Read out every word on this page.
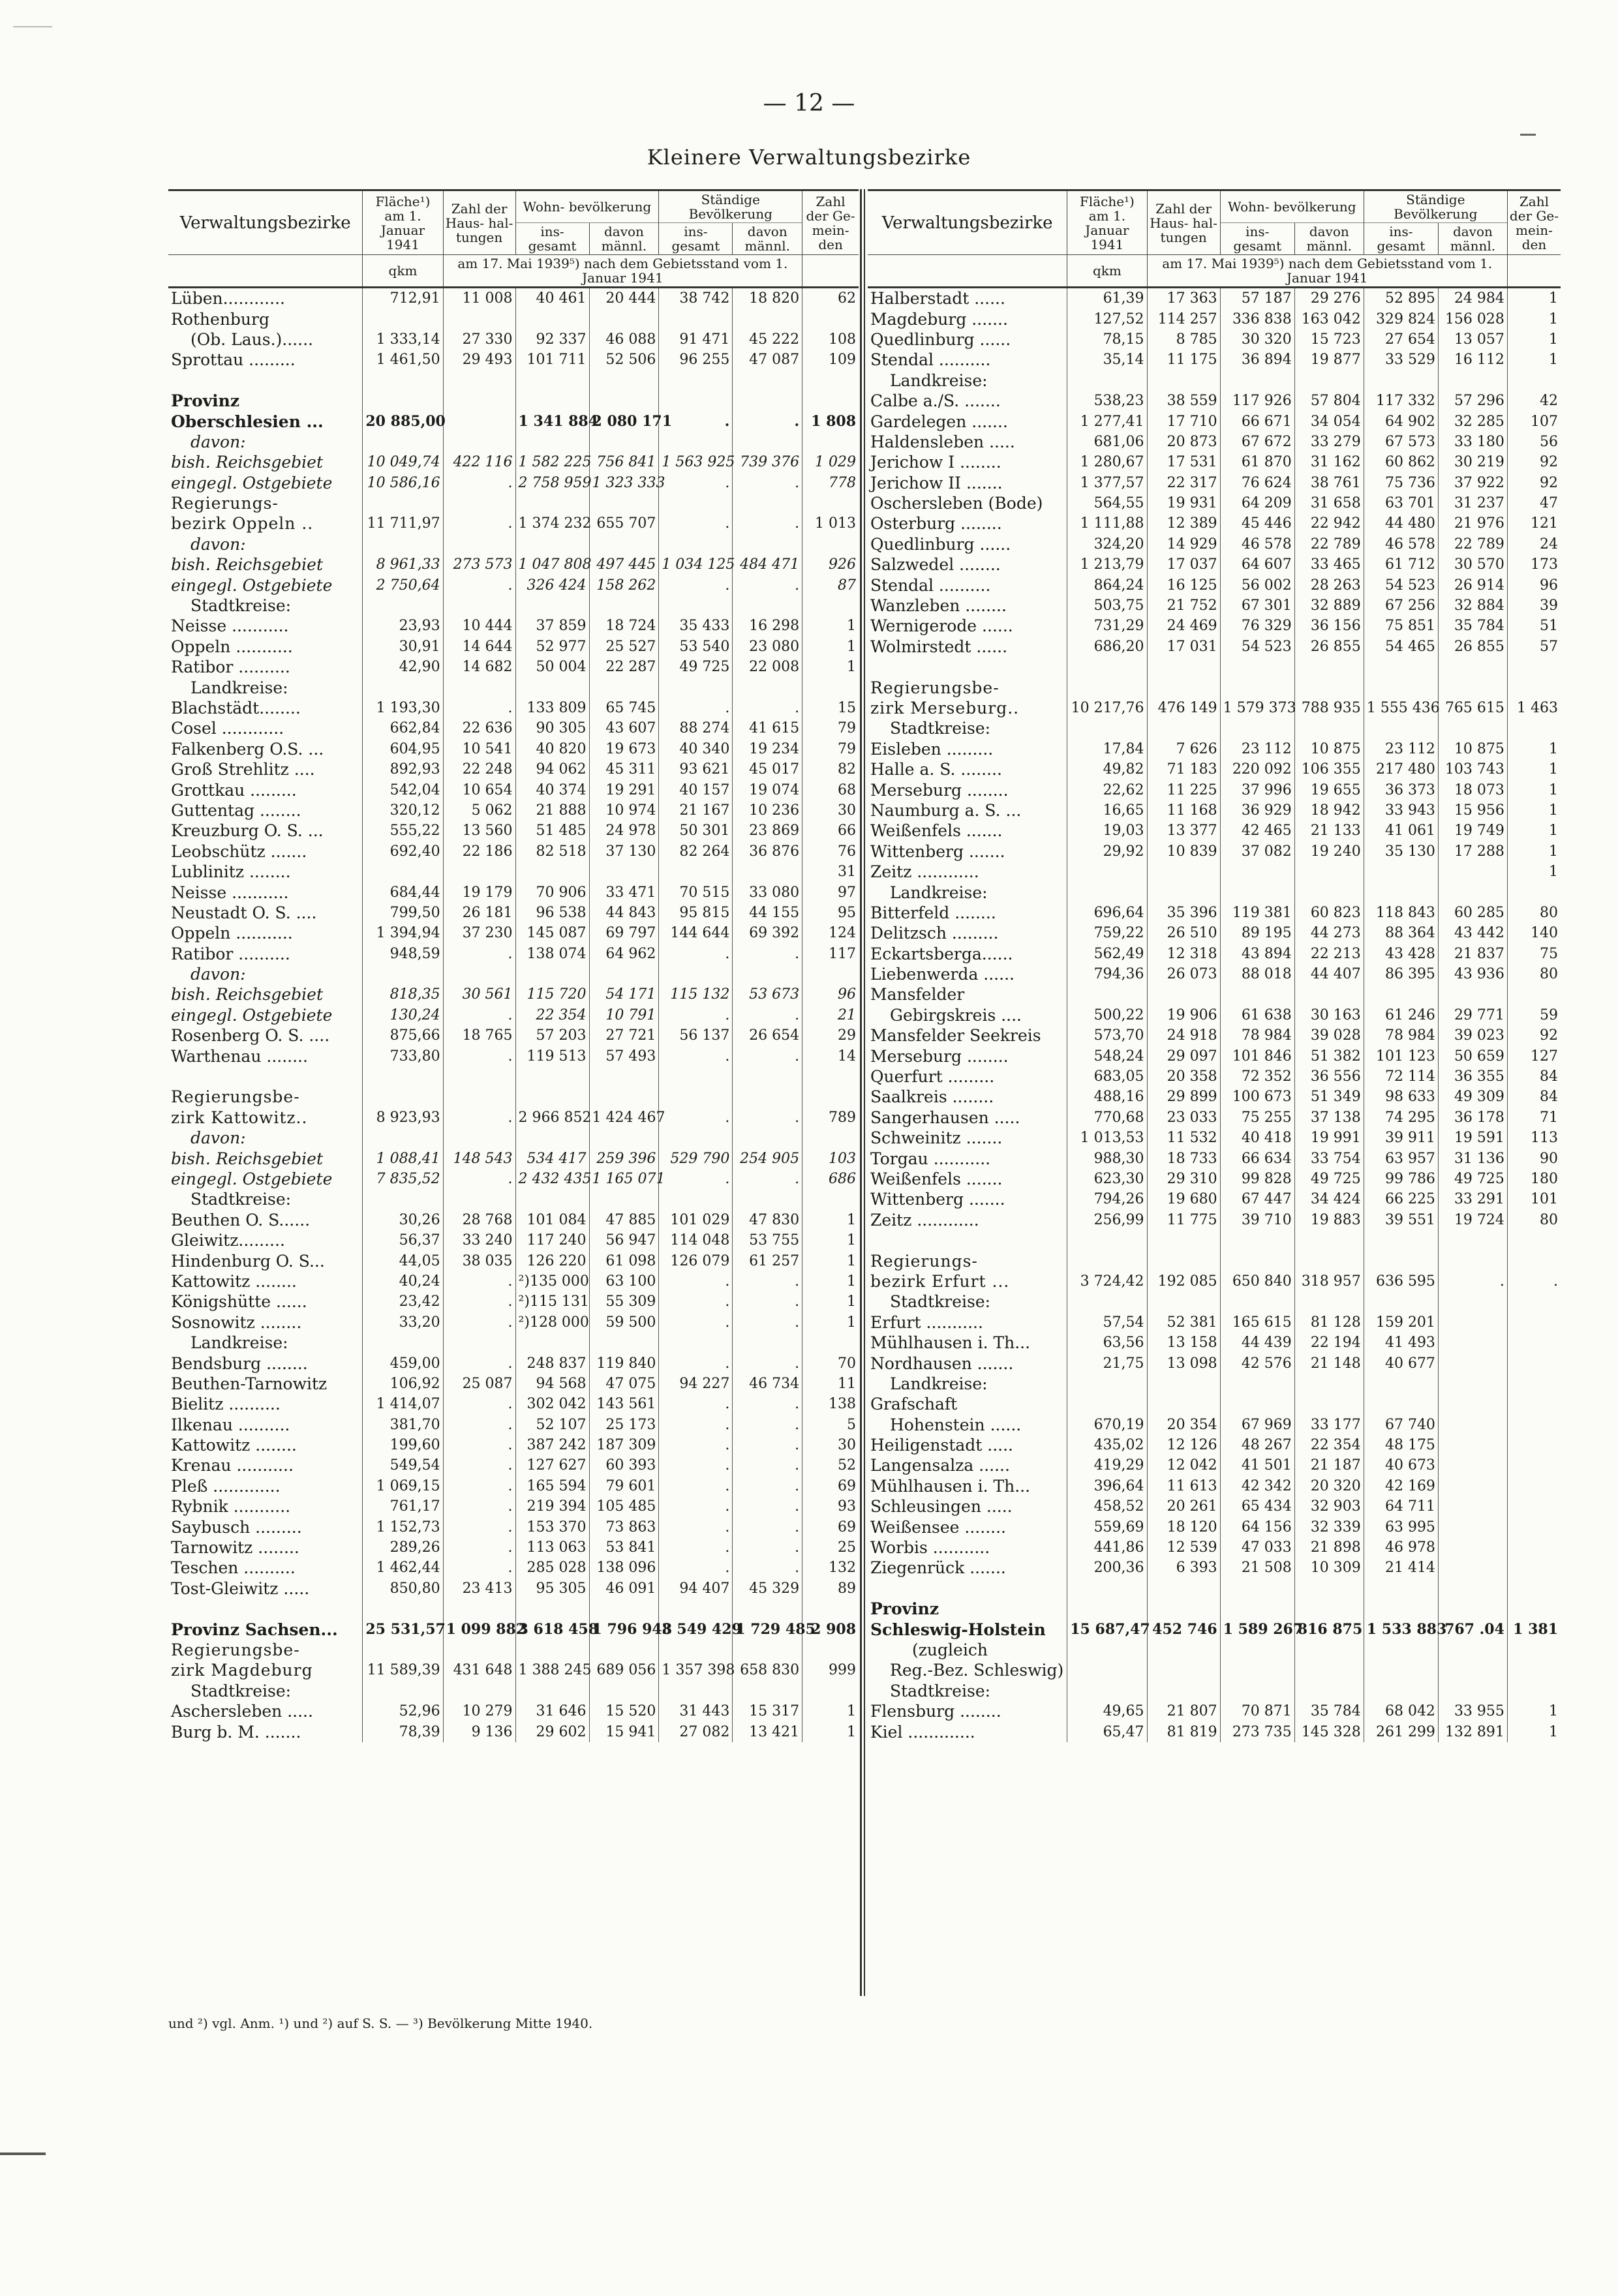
— 12 —
Kleinere Verwaltungsbezirke
Verwaltungsbezirke	Fläche¹) am 1. Januar 1941	Zahl der Haus- hal- tungen	Wohn- bevölkerung		Ständige Bevölkerung		Zahl der Ge- mein- den
			ins- gesamt	davon männl.	ins- gesamt	davon männl.	
	qkm	am 17. Mai 1939⁵) nach dem Gebietsstand vom 1. Januar 1941					
Lüben............	712,91	11 008	40 461	20 444	38 742	18 820	62
Rothenburg							
(Ob. Laus.)......	1 333,14	27 330	92 337	46 088	91 471	45 222	108
Sprottau .........	1 461,50	29 493	101 711	52 506	96 255	47 087	109

Provinz							
Oberschlesien ...	20 885,00		1 341 884	2 080 171	.	.	1 808
davon:							
bish. Reichsgebiet	10 049,74	422 116	1 582 225	756 841	1 563 925	739 376	1 029
eingegl. Ostgebiete	10 586,16	.	2 758 959	1 323 333	.	.	778
Regierungs-							
bezirk Oppeln ..	11 711,97	.	1 374 232	655 707	.	.	1 013
davon:							
bish. Reichsgebiet	8 961,33	273 573	1 047 808	497 445	1 034 125	484 471	926
eingegl. Ostgebiete	2 750,64	.	326 424	158 262	.	.	87
Stadtkreise:							
Neisse ...........	23,93	10 444	37 859	18 724	35 433	16 298	1
Oppeln ...........	30,91	14 644	52 977	25 527	53 540	23 080	1
Ratibor ..........	42,90	14 682	50 004	22 287	49 725	22 008	1
Landkreise:							
Blachstädt........	1 193,30	.	133 809	65 745	.	.	15
Cosel ............	662,84	22 636	90 305	43 607	88 274	41 615	79
Falkenberg O.S. ...	604,95	10 541	40 820	19 673	40 340	19 234	79
Groß Strehlitz ....	892,93	22 248	94 062	45 311	93 621	45 017	82
Grottkau .........	542,04	10 654	40 374	19 291	40 157	19 074	68
Guttentag ........	320,12	5 062	21 888	10 974	21 167	10 236	30
Kreuzburg O. S. ...	555,22	13 560	51 485	24 978	50 301	23 869	66
Leobschütz .......	692,40	22 186	82 518	37 130	82 264	36 876	76
Lublinitz ........							31
Neisse ...........	684,44	19 179	70 906	33 471	70 515	33 080	97
Neustadt O. S. ....	799,50	26 181	96 538	44 843	95 815	44 155	95
Oppeln ...........	1 394,94	37 230	145 087	69 797	144 644	69 392	124
Ratibor ..........	948,59	.	138 074	64 962	.	.	117
davon:							
bish. Reichsgebiet	818,35	30 561	115 720	54 171	115 132	53 673	96
eingegl. Ostgebiete	130,24	.	22 354	10 791	.	.	21
Rosenberg O. S. ....	875,66	18 765	57 203	27 721	56 137	26 654	29
Warthenau ........	733,80	.	119 513	57 493	.	.	14

Regierungsbe-							
zirk Kattowitz..	8 923,93	.	2 966 852	1 424 467	.	.	789
davon:							
bish. Reichsgebiet	1 088,41	148 543	534 417	259 396	529 790	254 905	103
eingegl. Ostgebiete	7 835,52	.	2 432 435	1 165 071	.	.	686
Stadtkreise:							
Beuthen O. S......	30,26	28 768	101 084	47 885	101 029	47 830	1
Gleiwitz.........	56,37	33 240	117 240	56 947	114 048	53 755	1
Hindenburg O. S...	44,05	38 035	126 220	61 098	126 079	61 257	1
Kattowitz ........	40,24	.	²)135 000	63 100	.	.	1
Königshütte ......	23,42	.	²)115 131	55 309	.	.	1
Sosnowitz ........	33,20	.	²)128 000	59 500	.	.	1
Landkreise:							
Bendsburg ........	459,00	.	248 837	119 840	.	.	70
Beuthen-Tarnowitz	106,92	25 087	94 568	47 075	94 227	46 734	11
Bielitz ..........	1 414,07	.	302 042	143 561	.	.	138
Ilkenau ..........	381,70	.	52 107	25 173	.	.	5
Kattowitz ........	199,60	.	387 242	187 309	.	.	30
Krenau ...........	549,54	.	127 627	60 393	.	.	52
Pleß .............	1 069,15	.	165 594	79 601	.	.	69
Rybnik ...........	761,17	.	219 394	105 485	.	.	93
Saybusch .........	1 152,73	.	153 370	73 863	.	.	69
Tarnowitz ........	289,26	.	113 063	53 841	.	.	25
Teschen ..........	1 462,44	.	285 028	138 096	.	.	132
Tost-Gleiwitz .....	850,80	23 413	95 305	46 091	94 407	45 329	89

Provinz Sachsen...	25 531,57	1 099 882	3 618 458	1 796 948	3 549 429	1 729 485	2 908
Regierungsbe-							
zirk Magdeburg	11 589,39	431 648	1 388 245	689 056	1 357 398	658 830	999
Stadtkreise:							
Aschersleben .....	52,96	10 279	31 646	15 520	31 443	15 317	1
Burg b. M. .......	78,39	9 136	29 602	15 941	27 082	13 421	1
Verwaltungsbezirke	Fläche¹) am 1. Januar 1941	Zahl der Haus- hal- tungen	Wohn- bevölkerung		Ständige Bevölkerung		Zahl der Ge- mein- den
			ins- gesamt	davon männl.	ins- gesamt	davon männl.	
	qkm	am 17. Mai 1939⁵) nach dem Gebietsstand vom 1. Januar 1941					
Halberstadt ......	61,39	17 363	57 187	29 276	52 895	24 984	1
Magdeburg .......	127,52	114 257	336 838	163 042	329 824	156 028	1
Quedlinburg ......	78,15	8 785	30 320	15 723	27 654	13 057	1
Stendal ..........	35,14	11 175	36 894	19 877	33 529	16 112	1
Landkreise:							
Calbe a./S. .......	538,23	38 559	117 926	57 804	117 332	57 296	42
Gardelegen .......	1 277,41	17 710	66 671	34 054	64 902	32 285	107
Haldensleben .....	681,06	20 873	67 672	33 279	67 573	33 180	56
Jerichow I ........	1 280,67	17 531	61 870	31 162	60 862	30 219	92
Jerichow II .......	1 377,57	22 317	76 624	38 761	75 736	37 922	92
Oschersleben (Bode)	564,55	19 931	64 209	31 658	63 701	31 237	47
Osterburg ........	1 111,88	12 389	45 446	22 942	44 480	21 976	121
Quedlinburg ......	324,20	14 929	46 578	22 789	46 578	22 789	24
Salzwedel ........	1 213,79	17 037	64 607	33 465	61 712	30 570	173
Stendal ..........	864,24	16 125	56 002	28 263	54 523	26 914	96
Wanzleben ........	503,75	21 752	67 301	32 889	67 256	32 884	39
Wernigerode ......	731,29	24 469	76 329	36 156	75 851	35 784	51
Wolmirstedt ......	686,20	17 031	54 523	26 855	54 465	26 855	57

Regierungsbe-							
zirk Merseburg..	10 217,76	476 149	1 579 373	788 935	1 555 436	765 615	1 463
Stadtkreise:							
Eisleben .........	17,84	7 626	23 112	10 875	23 112	10 875	1
Halle a. S. ........	49,82	71 183	220 092	106 355	217 480	103 743	1
Merseburg ........	22,62	11 225	37 996	19 655	36 373	18 073	1
Naumburg a. S. ...	16,65	11 168	36 929	18 942	33 943	15 956	1
Weißenfels .......	19,03	13 377	42 465	21 133	41 061	19 749	1
Wittenberg .......	29,92	10 839	37 082	19 240	35 130	17 288	1
Zeitz ............							1
Landkreise:							
Bitterfeld ........	696,64	35 396	119 381	60 823	118 843	60 285	80
Delitzsch .........	759,22	26 510	89 195	44 273	88 364	43 442	140
Eckartsberga......	562,49	12 318	43 894	22 213	43 428	21 837	75
Liebenwerda ......	794,36	26 073	88 018	44 407	86 395	43 936	80
Mansfelder							
Gebirgskreis ....	500,22	19 906	61 638	30 163	61 246	29 771	59
Mansfelder Seekreis	573,70	24 918	78 984	39 028	78 984	39 023	92
Merseburg ........	548,24	29 097	101 846	51 382	101 123	50 659	127
Querfurt .........	683,05	20 358	72 352	36 556	72 114	36 355	84
Saalkreis ........	488,16	29 899	100 673	51 349	98 633	49 309	84
Sangerhausen .....	770,68	23 033	75 255	37 138	74 295	36 178	71
Schweinitz .......	1 013,53	11 532	40 418	19 991	39 911	19 591	113
Torgau ...........	988,30	18 733	66 634	33 754	63 957	31 136	90
Weißenfels .......	623,30	29 310	99 828	49 725	99 786	49 725	180
Wittenberg .......	794,26	19 680	67 447	34 424	66 225	33 291	101
Zeitz ............	256,99	11 775	39 710	19 883	39 551	19 724	80

Regierungs-							
bezirk Erfurt ...	3 724,42	192 085	650 840	318 957	636 595	.	.
Stadtkreise:							
Erfurt ...........	57,54	52 381	165 615	81 128	159 201		
Mühlhausen i. Th...	63,56	13 158	44 439	22 194	41 493		
Nordhausen .......	21,75	13 098	42 576	21 148	40 677		
Landkreise:							
Grafschaft							
Hohenstein ......	670,19	20 354	67 969	33 177	67 740		
Heiligenstadt .....	435,02	12 126	48 267	22 354	48 175		
Langensalza ......	419,29	12 042	41 501	21 187	40 673		
Mühlhausen i. Th...	396,64	11 613	42 342	20 320	42 169		
Schleusingen .....	458,52	20 261	65 434	32 903	64 711		
Weißensee ........	559,69	18 120	64 156	32 339	63 995		
Worbis ...........	441,86	12 539	47 033	21 898	46 978		
Ziegenrück .......	200,36	6 393	21 508	10 309	21 414		

Provinz							
Schleswig-Holstein	15 687,47	452 746	1 589 267	816 875	1 533 883	767 .04	1 381
(zugleich							
Reg.-Bez. Schleswig)							
Stadtkreise:							
Flensburg ........	49,65	21 807	70 871	35 784	68 042	33 955	1
Kiel .............	65,47	81 819	273 735	145 328	261 299	132 891	1
und ²) vgl. Anm. ¹) und ²) auf S. S. — ³) Bevölkerung Mitte 1940.
